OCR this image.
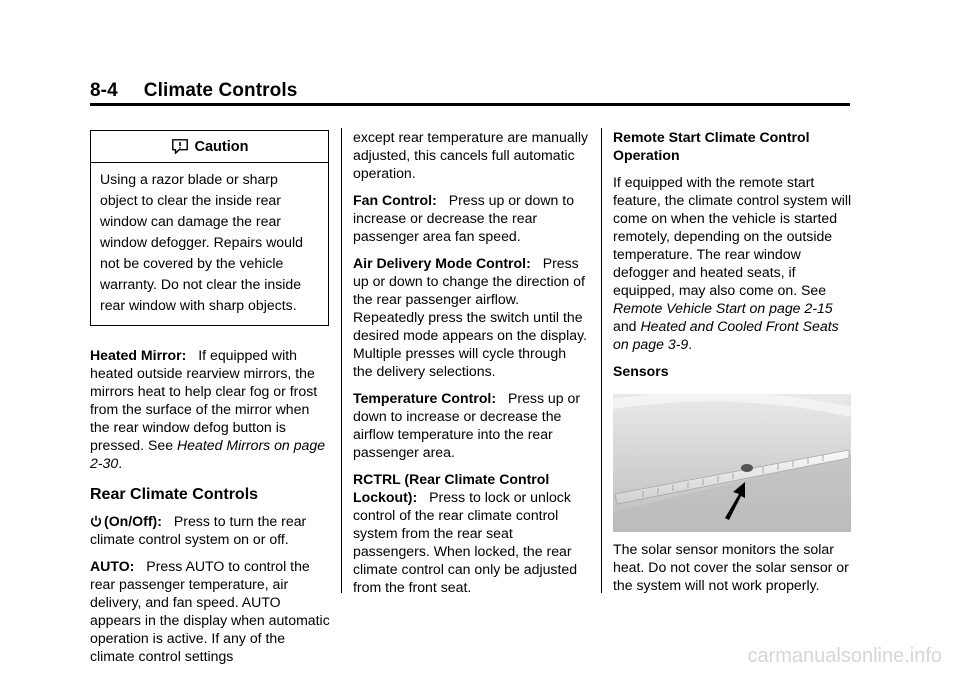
8-4 Climate Controls
Caution
Using a razor blade or sharp object to clear the inside rear window can damage the rear window defogger. Repairs would not be covered by the vehicle warranty. Do not clear the inside rear window with sharp objects.

Heated Mirror: If equipped with heated outside rearview mirrors, the mirrors heat to help clear fog or frost from the surface of the mirror when the rear window defog button is pressed. See Heated Mirrors on page 2-30.

Rear Climate Controls

(On/Off): Press to turn the rear climate control system on or off.

AUTO: Press AUTO to control the rear passenger temperature, air delivery, and fan speed. AUTO appears in the display when automatic operation is active. If any of the climate control settings

except rear temperature are manually adjusted, this cancels full automatic operation.

Fan Control: Press up or down to increase or decrease the rear passenger area fan speed.

Air Delivery Mode Control: Press up or down to change the direction of the rear passenger airflow. Repeatedly press the switch until the desired mode appears on the display. Multiple presses will cycle through the delivery selections.

Temperature Control: Press up or down to increase or decrease the airflow temperature into the rear passenger area.

RCTRL (Rear Climate Control Lockout): Press to lock or unlock control of the rear climate control system from the rear seat passengers. When locked, the rear climate control can only be adjusted from the front seat.

Remote Start Climate Control Operation

If equipped with the remote start feature, the climate control system will come on when the vehicle is started remotely, depending on the outside temperature. The rear window defogger and heated seats, if equipped, may also come on. See Remote Vehicle Start on page 2-15 and Heated and Cooled Front Seats on page 3-9.

Sensors

The solar sensor monitors the solar heat. Do not cover the solar sensor or the system will not work properly.

carmanualsonline.info
